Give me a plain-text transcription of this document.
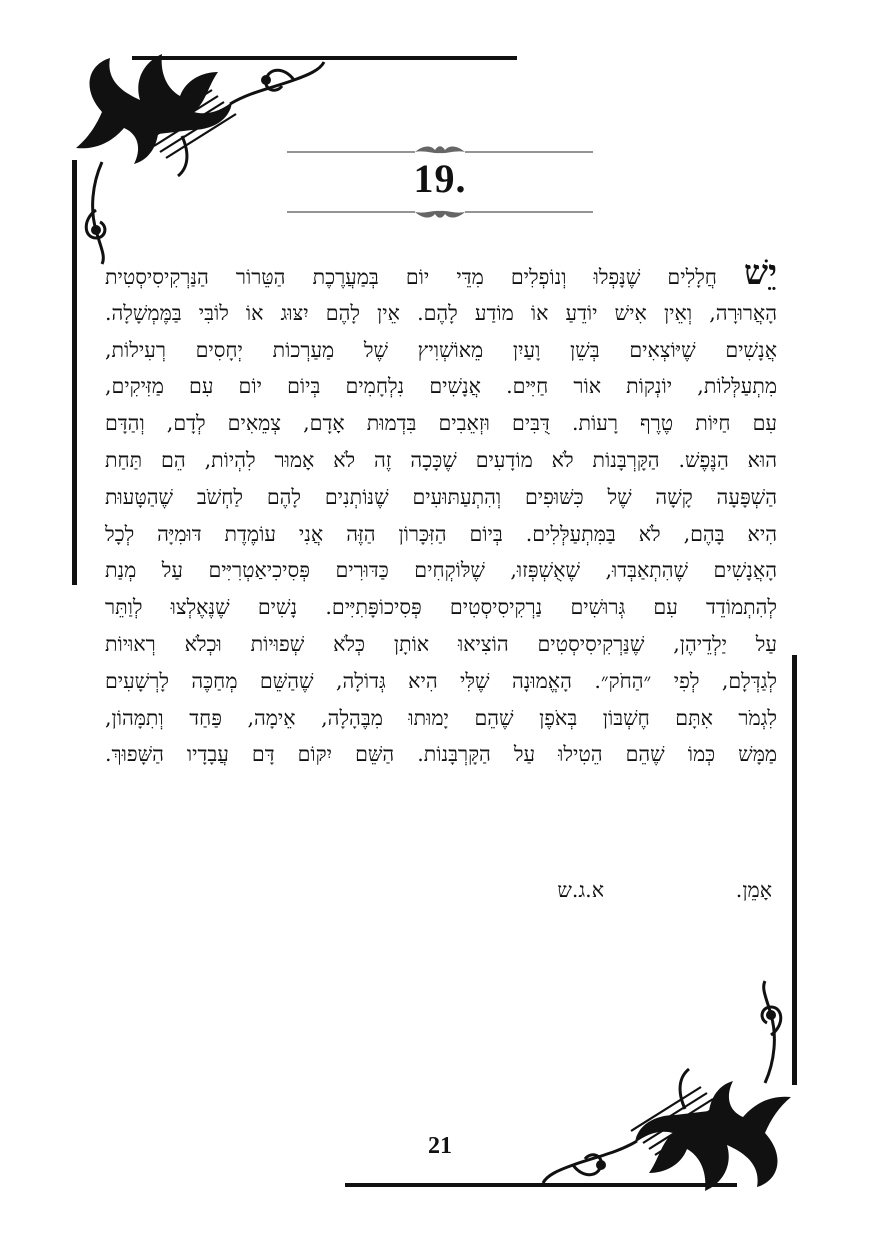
.19
יֵשׁ חֲלָלִים שֶׁנָּפְלוּ וְנוֹפְלִים מִדֵּי יוֹם בְּמַעֲרֶכֶת הַטֵּרוֹר הַנַּרְקִיסִיסְטִית
הָאֲרוּרָה, וְאֵין אִישׁ יוֹדֵעַ אוֹ מוֹדַע לָהֶם. אֵין לָהֶם יִצּוּג אוֹ לוֹבִּי בַּמֶּמְשָׁלָה.
אֲנָשִׁים שֶׁיּוֹצְאִים בְּשֵׁן וָעַיִן מֵאוֹשְׁוִיץ שֶׁל מַעַרְכוֹת יְחָסִים רְעִילוֹת,
מִתְעַלְּלוֹת, יוֹנְקוֹת אוֹר חַיִּים. אֲנָשִׁים נִלְחָמִים בְּיוֹם יוֹם עִם מַזִּיקִים,
עִם חַיּוֹת טֶרֶף רָעוֹת. דֻּבִּים וּזְאֵבִים בִּדְמוּת אָדָם, צְמֵאִים לְדָם, וְהַדָּם
הוּא הַנֶּפֶשׁ. הַקָּרְבָּנוֹת לֹא מוֹדָעִים שֶׁכָּכָה זֶה לֹא אָמוּר לִהְיוֹת, הֵם תַּחַת
הַשְׁפָּעָה קָשָׁה שֶׁל כִּשּׁוּפִים וְהִתְעַתּוּעִים שֶׁנּוֹתְנִים לָהֶם לַחְשֹׁב שֶׁהַטָּעוּת
הִיא בָּהֶם, לֹא בַּמִּתְעַלְּלִים. בְּיוֹם הַזִּכָּרוֹן הַזֶּה אֲנִי עוֹמֶדֶת דּוּמִיָּה לְכָל
הָאֲנָשִׁים שֶׁהִתְאַבְּדוּ, שֶׁאֻשְׁפְּזוּ, שֶׁלּוֹקְחִים כַּדּוּרִים פְּסִיכִיאַטְרִיִּים עַל מְנַת
לְהִתְמוֹדֵד עִם גְּרוּשִׁים נַרְקִיסִיסְטִים פְּסִיכוֹפָּתִיִּים. נָשִׁים שֶׁנֶּאֶלְצוּ לְוַתֵּר
עַל יַלְדֵיהֶן, שֶׁנַּרְקִיסִיסְטִים הוֹצִיאוּ אוֹתָן כְּלֹא שְׁפוּיוֹת וּכְלֹא רְאוּיוֹת
לְגַדְּלָם, לְפִי ״הַחֹק״. הָאֱמוּנָה שֶׁלִּי הִיא גְּדוֹלָה, שֶׁהַשֵּׁם מְחַכֶּה לָרְשָׁעִים
לִגְמֹר אִתָּם חֶשְׁבּוֹן בְּאֹפֶן שֶׁהֵם יָמוּתוּ מִבֶּהָלָה, אֵימָה, פַּחַד וְתִמָּהוֹן,
מַמָּשׁ כְּמוֹ שֶׁהֵם הֵטִילוּ עַל הַקָּרְבָּנוֹת. הַשֵּׁם יִקּוֹם דָּם עֲבָדָיו הַשָּׁפוּךְ.
אָמֵן.
א.ג.ש
21
